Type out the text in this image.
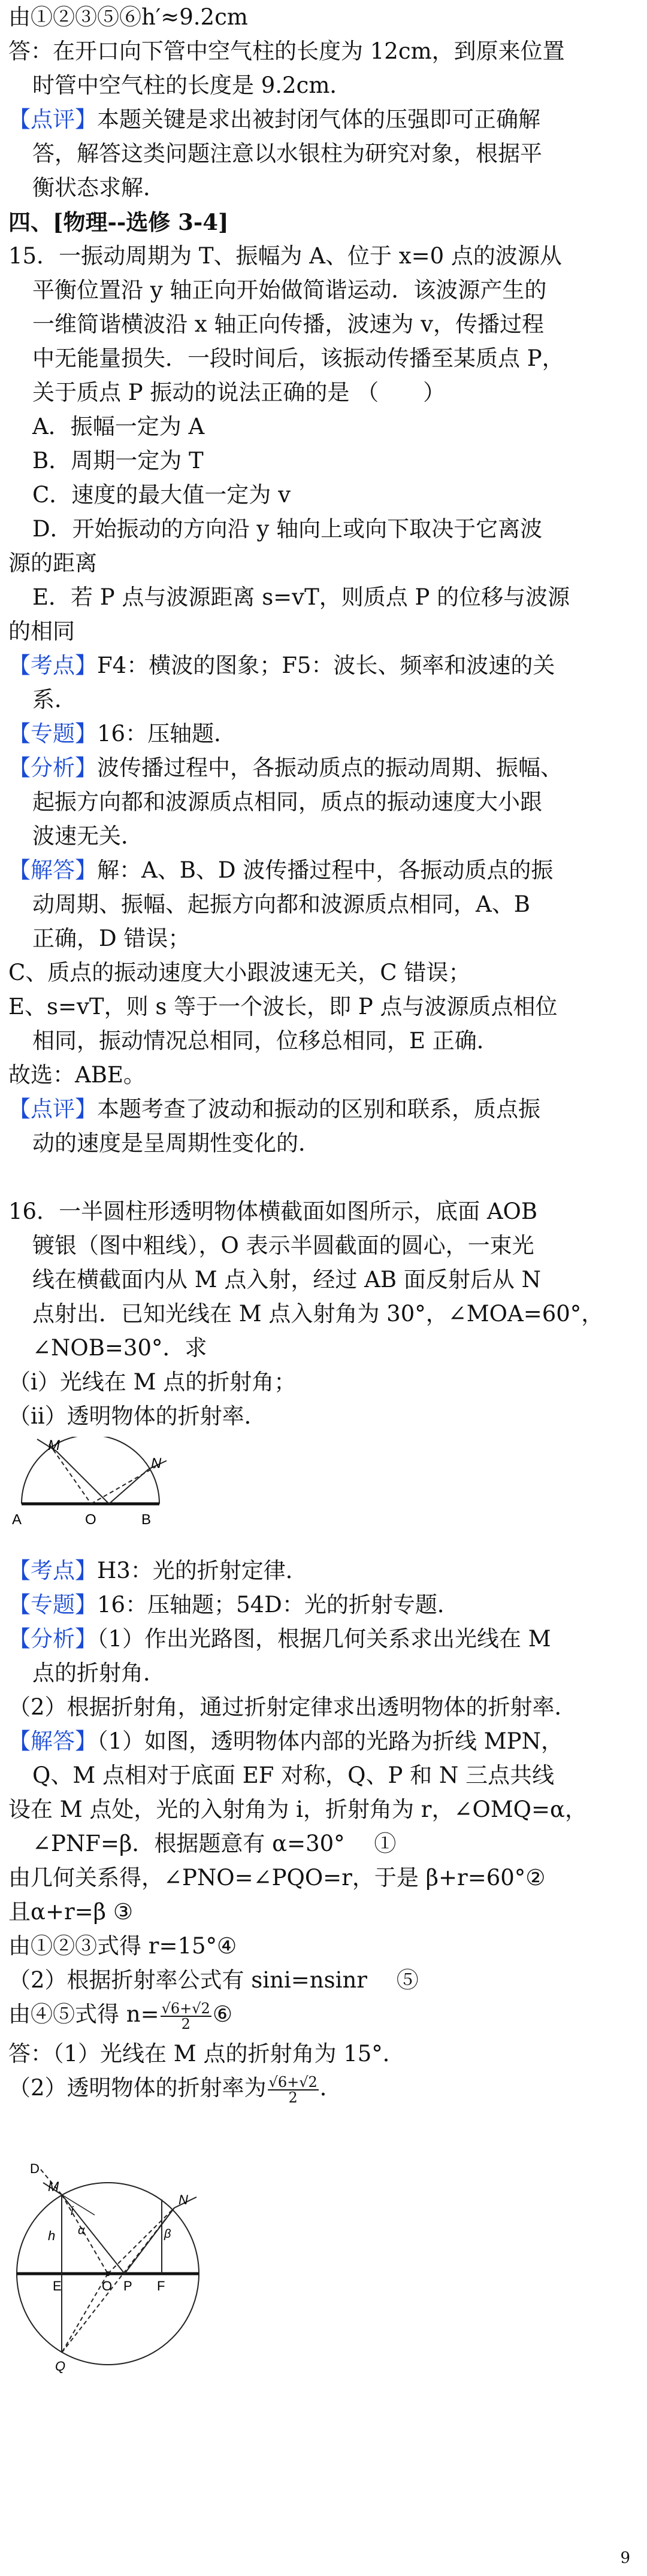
由①②③⑤⑥h′≈9.2cm
答：在开口向下管中空气柱的长度为 12cm，到原来位置
时管中空气柱的长度是 9.2cm．
【点评】本题关键是求出被封闭气体的压强即可正确解
答，解答这类问题注意以水银柱为研究对象，根据平
衡状态求解．
四、[物理--选修 3-4]
15．一振动周期为 T、振幅为 A、位于 x=0 点的波源从
平衡位置沿 y 轴正向开始做简谐运动．该波源产生的
一维简谐横波沿 x 轴正向传播，波速为 v，传播过程
中无能量损失．一段时间后，该振动传播至某质点 P，
关于质点 P 振动的说法正确的是 （　　）
A．振幅一定为 A
B．周期一定为 T
C．速度的最大值一定为 v
D．开始振动的方向沿 y 轴向上或向下取决于它离波
源的距离
E．若 P 点与波源距离 s=vT，则质点 P 的位移与波源
的相同
【考点】F4：横波的图象；F5：波长、频率和波速的关
系．
【专题】16：压轴题．
【分析】波传播过程中，各振动质点的振动周期、振幅、
起振方向都和波源质点相同，质点的振动速度大小跟
波速无关．
【解答】解：A、B、D 波传播过程中，各振动质点的振
动周期、振幅、起振方向都和波源质点相同，A、B
正确，D 错误；
C、质点的振动速度大小跟波速无关，C 错误；
E、s=vT，则 s 等于一个波长，即 P 点与波源质点相位
相同，振动情况总相同，位移总相同，E 正确．
故选：ABE。
【点评】本题考查了波动和振动的区别和联系，质点振
动的速度是呈周期性变化的．
16．一半圆柱形透明物体横截面如图所示，底面 AOB
镀银（图中粗线），O 表示半圆截面的圆心，一束光
线在横截面内从 M 点入射，经过 AB 面反射后从 N
点射出．已知光线在 M 点入射角为 30°，∠MOA=60°，
∠NOB=30°．求
（ⅰ）光线在 M 点的折射角；
（ⅱ）透明物体的折射率．
M
N
A	O	B
【考点】H3：光的折射定律．
【专题】16：压轴题；54D：光的折射专题．
【分析】（1）作出光路图，根据几何关系求出光线在 M
点的折射角．
（2）根据折射角，通过折射定律求出透明物体的折射率．
【解答】（1）如图，透明物体内部的光路为折线 MPN，
Q、M 点相对于底面 EF 对称，Q、P 和 N 三点共线
设在 M 点处，光的入射角为 i，折射角为 r，∠OMQ=α，
∠PNF=β．根据题意有 α=30°　 ①
由几何关系得，∠PNO=∠PQO=r，于是 β+r=60°②
且α+r=β ③
由①②③式得 r=15°④
（2）根据折射率公式有 sini=nsinr　 ⑤
由④⑤式得 $n= \frac{√6+√2}{2}$ ⑥
答：（1）光线在 M 点的折射角为 15°．
（2）透明物体的折射率为 $\frac{√6+√2}{2}$ ．
D
M
N
h
i
α	β
E	O P F
Q
9
